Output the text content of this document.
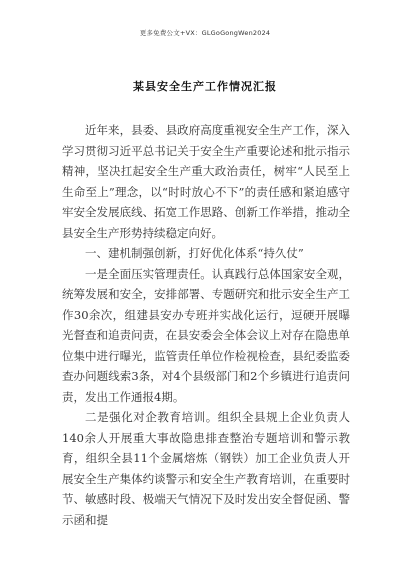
更多免费公文+VX：GLGoGongWen2024
某县安全生产工作情况汇报

近年来，县委、县政府高度重视安全生产工作，深入学习贯彻习近平总书记关于安全生产重要论述和批示指示精神，坚决扛起安全生产重大政治责任，树牢“人民至上生命至上”理念，以“时时放心不下”的责任感和紧迫感守牢安全发展底线、拓宽工作思路、创新工作举措，推动全县安全生产形势持续稳定向好。

一、建机制强创新，打好优化体系“持久仗”

一是全面压实管理责任。认真践行总体国家安全观，统筹发展和安全，安排部署、专题研究和批示安全生产工作30余次，组建县安办专班并实战化运行，逗硬开展曝光督查和追责问责，在县安委会全体会议上对存在隐患单位集中进行曝光，监管责任单位作检视检查，县纪委监委查办问题线索3条，对4个县级部门和2个乡镇进行追责问责，发出工作通报4期。

二是强化对企教育培训。组织全县规上企业负责人140余人开展重大事故隐患排查整治专题培训和警示教育，组织全县11个金属熔炼（钢铁）加工企业负责人开展安全生产集体约谈警示和安全生产教育培训，在重要时节、敏感时段、极端天气情况下及时发出安全督促函、警示函和提
